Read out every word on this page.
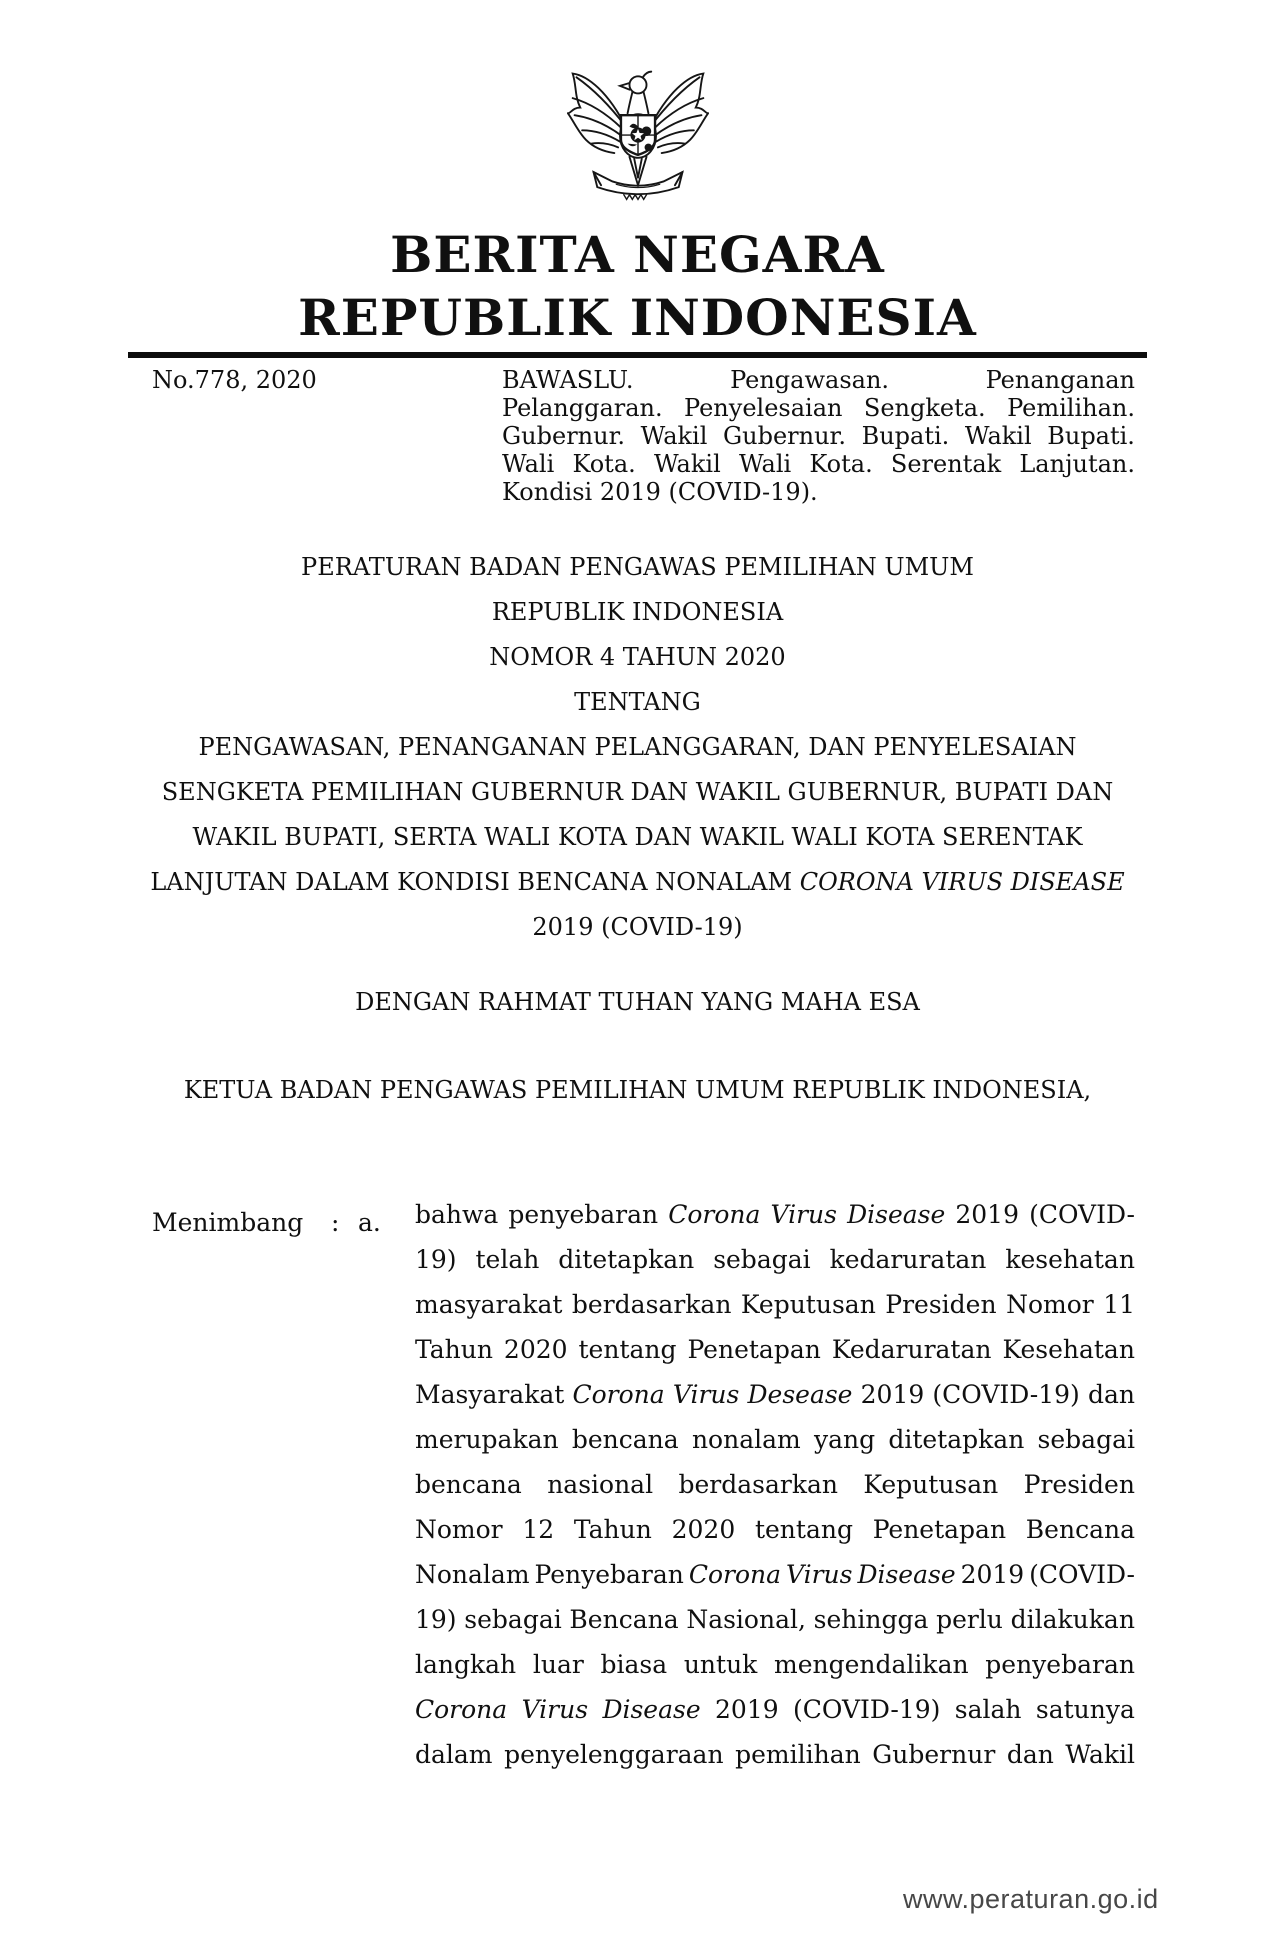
BERITA NEGARA
REPUBLIK INDONESIA
No.778, 2020	BAWASLU.	Pengawasan.	Penanganan
Pelanggaran. Penyelesaian Sengketa. Pemilihan.
Gubernur. Wakil Gubernur. Bupati. Wakil Bupati.
Wali Kota. Wakil Wali Kota. Serentak Lanjutan.
Kondisi 2019 (COVID-19).
PERATURAN BADAN PENGAWAS PEMILIHAN UMUM
REPUBLIK INDONESIA
NOMOR 4 TAHUN 2020
TENTANG
PENGAWASAN, PENANGANAN PELANGGARAN, DAN PENYELESAIAN
SENGKETA PEMILIHAN GUBERNUR DAN WAKIL GUBERNUR, BUPATI DAN
WAKIL BUPATI, SERTA WALI KOTA DAN WAKIL WALI KOTA SERENTAK
LANJUTAN DALAM KONDISI BENCANA NONALAM CORONA VIRUS DISEASE
2019 (COVID-19)
DENGAN RAHMAT TUHAN YANG MAHA ESA
KETUA BADAN PENGAWAS PEMILIHAN UMUM REPUBLIK INDONESIA,
Menimbang	: a.	bahwa penyebaran Corona Virus Disease 2019 (COVID-
19) telah ditetapkan sebagai kedaruratan kesehatan
masyarakat berdasarkan Keputusan Presiden Nomor 11
Tahun 2020 tentang Penetapan Kedaruratan Kesehatan
Masyarakat Corona Virus Desease 2019 (COVID-19) dan
merupakan bencana nonalam yang ditetapkan sebagai
bencana nasional berdasarkan Keputusan Presiden
Nomor 12 Tahun 2020 tentang Penetapan Bencana
Nonalam Penyebaran Corona Virus Disease 2019 (COVID-
19) sebagai Bencana Nasional, sehingga perlu dilakukan
langkah luar biasa untuk mengendalikan penyebaran
Corona Virus Disease 2019 (COVID-19) salah satunya
dalam penyelenggaraan pemilihan Gubernur dan Wakil
www.peraturan.go.id
